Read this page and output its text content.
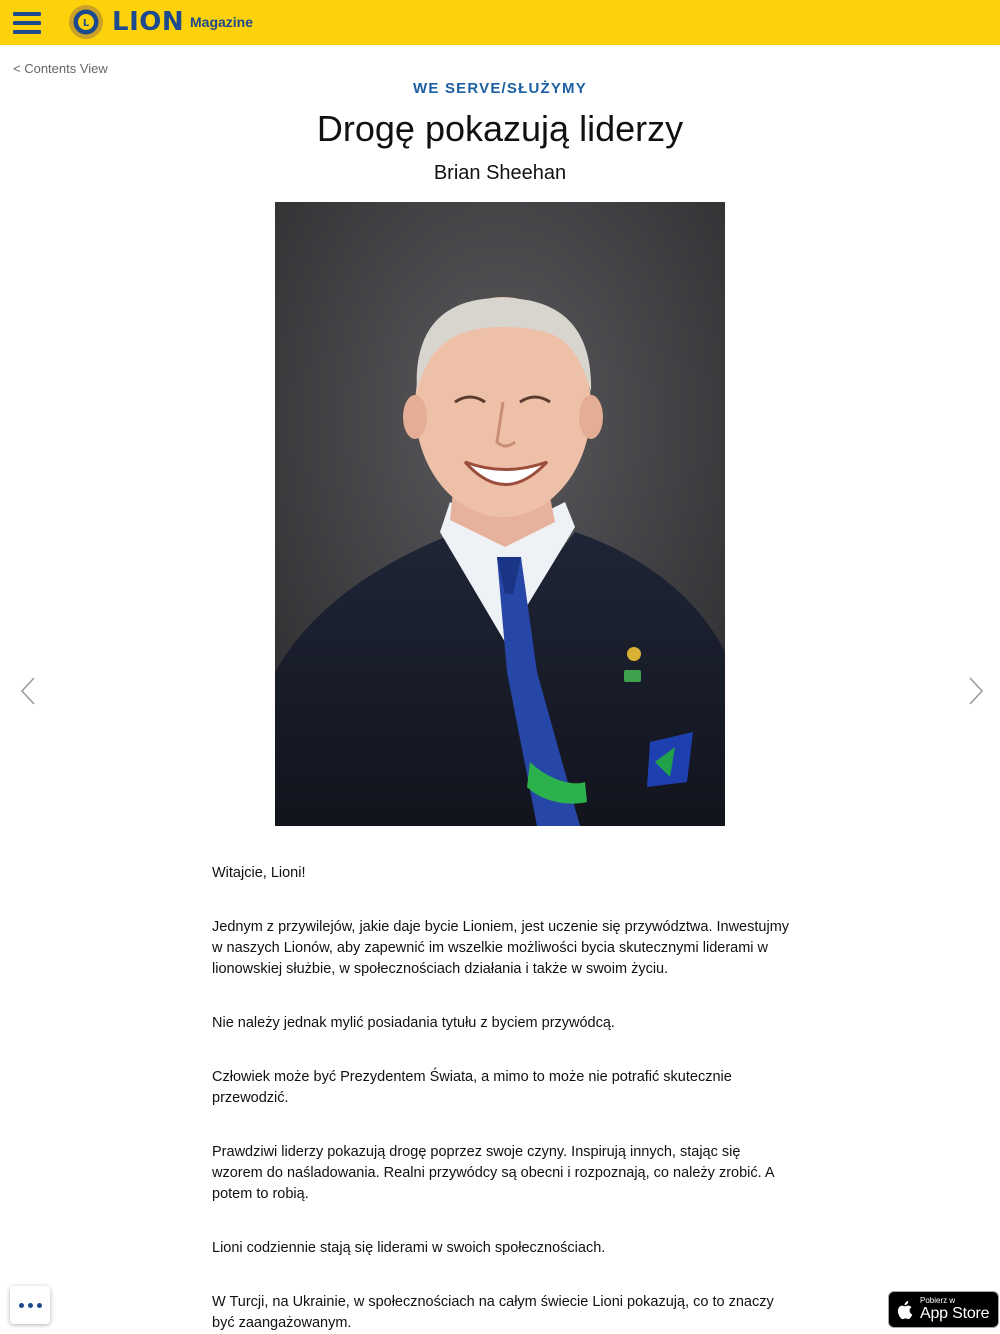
L LION Magazine
< Contents View
WE SERVE/SŁUŻYMY
Drogę pokazują liderzy
Brian Sheehan

Witajcie, Lioni!

Jednym z przywilejów, jakie daje bycie Lioniem, jest uczenie się przywództwa. Inwestujmy w naszych Lionów, aby zapewnić im wszelkie możliwości bycia skutecznymi liderami w lionowskiej służbie, w społecznościach działania i także w swoim życiu.

Nie należy jednak mylić posiadania tytułu z byciem przywódcą.

Człowiek może być Prezydentem Świata, a mimo to może nie potrafić skutecznie przewodzić.

Prawdziwi liderzy pokazują drogę poprzez swoje czyny. Inspirują innych, stając się wzorem do naśladowania. Realni przywódcy są obecni i rozpoznają, co należy zrobić. A potem to robią.

Lioni codziennie stają się liderami w swoich społecznościach.

W Turcji, na Ukrainie, w społecznościach na całym świecie Lioni pokazują, co to znaczy być zaangażowanym.

Pobierz w
App Store
